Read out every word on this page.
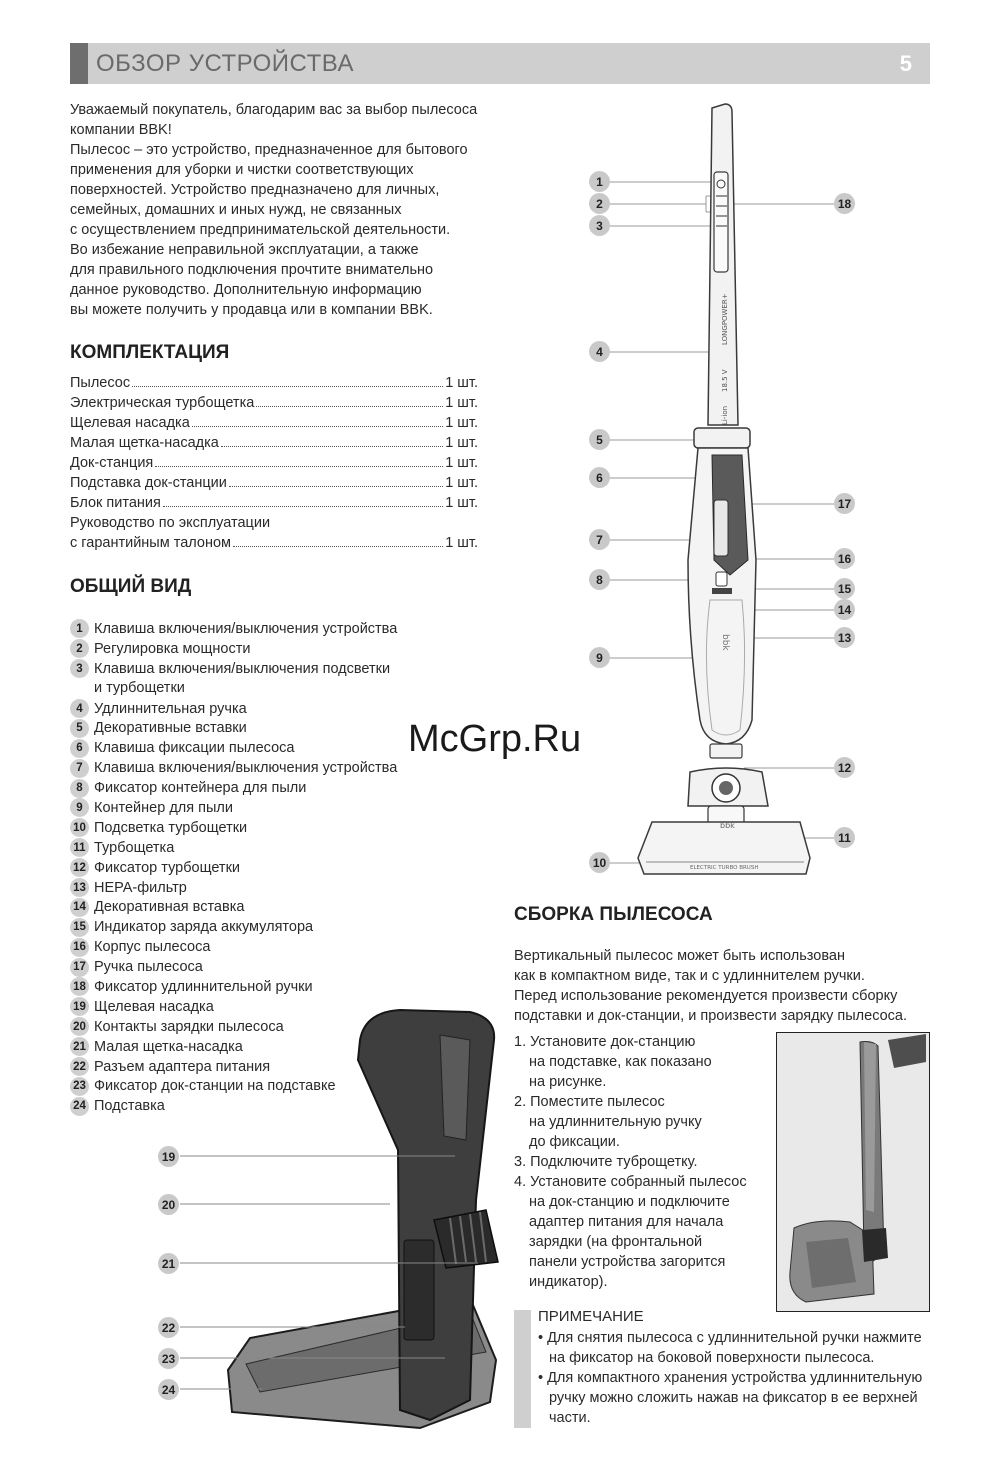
ОБЗОР УСТРОЙСТВА	5
Уважаемый покупатель, благодарим вас за выбор пылесоса
компании BBK!
Пылесос – это устройство, предназначенное для бытового
применения для уборки и чистки соответствующих
поверхностей. Устройство предназначено для личных,
семейных, домашних и иных нужд, не связанных
с осуществлением предпринимательской деятельности.
Во избежание неправильной эксплуатации, а также
для правильного подключения прочтите внимательно
данное руководство. Дополнительную информацию
вы можете получить у продавца или в компании BBK.
КОМПЛЕКТАЦИЯ
Пылесос	1 шт.
Электрическая турбощетка	1 шт.
Щелевая насадка	1 шт.
Малая щетка-насадка	1 шт.
Док-станция	1 шт.
Подставка док-станции	1 шт.
Блок питания	1 шт.
Руководство по эксплуатации
с гарантийным талоном	1 шт.
ОБЩИЙ ВИД
1 Клавиша включения/выключения устройства
2 Регулировка мощности
3 Клавиша включения/выключения подсветки
и турбощетки
4 Удлиннительная ручка
5 Декоративные вставки
6 Клавиша фиксации пылесоса
7 Клавиша включения/выключения устройства
8 Фиксатор контейнера для пыли
9 Контейнер для пыли
10 Подсветка турбощетки
11 Турбощетка
12 Фиксатор турбощетки
13 HEPA-фильтр
14 Декоративная вставка
15 Индикатор заряда аккумулятора
16 Корпус пылесоса
17 Ручка пылесоса
18 Фиксатор удлиннительной ручки
19 Щелевая насадка
20 Контакты зарядки пылесоса
21 Малая щетка-насадка
22 Разъем адаптера питания
23 Фиксатор док-станции на подставке
24 Подставка
LONGPOWER+
18.5 V
Li-ion
bbk
bbk
ELECTRIC TURBO BRUSH
1
2
3
4
5
6
7
8
9
10
18
17
16
15
14
13
12
11
McGrp.Ru
19
20
21
22
23
24
СБОРКА ПЫЛЕСОСА
Вертикальный пылесос может быть использован
как в компактном виде, так и с удлиннителем ручки.
Перед использование рекомендуется произвести сборку
подставки и док-станции, и произвести зарядку пылесоса.
1. Установите док-станцию
на подставке, как показано
на рисунке.
2. Поместите пылесос
на удлиннительную ручку
до фиксации.
3. Подключите туброщетку.
4. Установите собранный пылесос
на док-станцию и подключите
адаптер питания для начала
зарядки (на фронтальной
панели устройства загорится
индикатор).
ПРИМЕЧАНИЕ
• Для снятия пылесоса с удлиннительной ручки нажмите
на фиксатор на боковой поверхности пылесоса.
• Для компактного хранения устройства удлиннительную
ручку можно сложить нажав на фиксатор в ее верхней
части.
